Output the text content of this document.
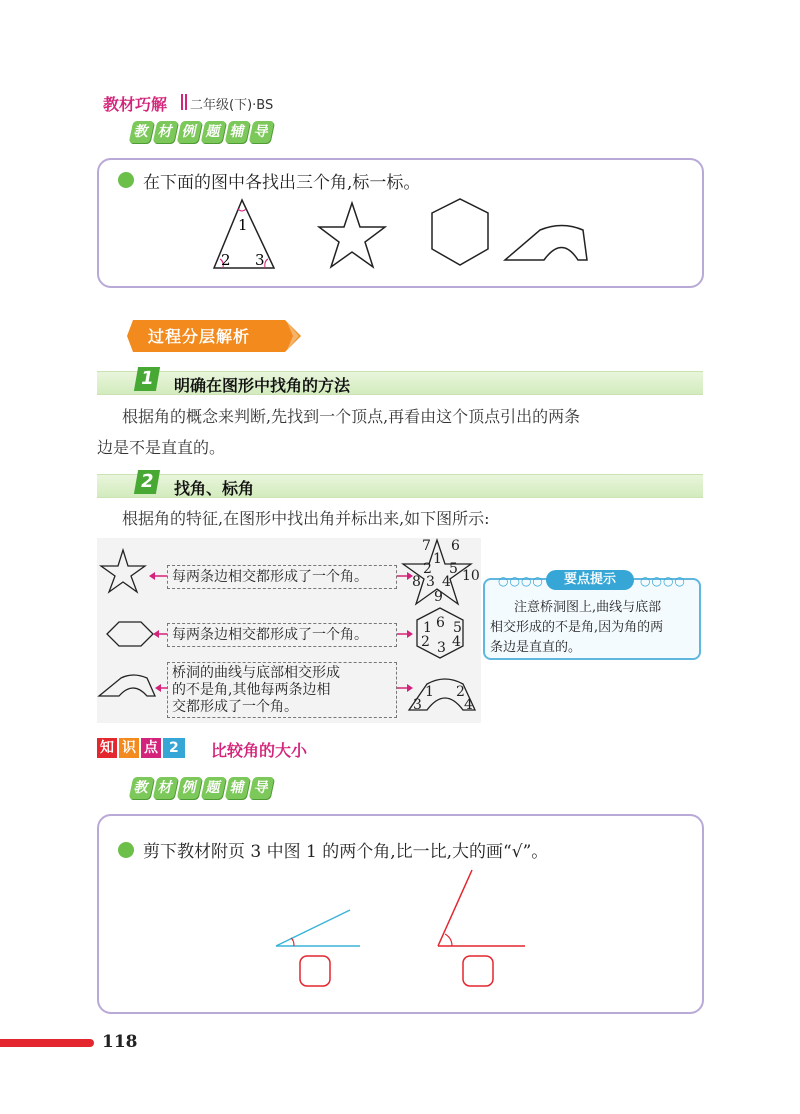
教材巧解 二年级(下)·BS
教 材 例 题 辅 导
在下面的图中各找出三个角,标一标。
1
2 3
过程分层解析
1	明确在图形中找角的方法
根据角的概念来判断,先找到一个顶点,再看由这个顶点引出的两条
边是不是直直的。
2	找角、标角
根据角的特征,在图形中找出角并标出来,如下图所示:
7 6
1
2 5
8 3 4 10
9
1 6 5
2 3 4
1 2
3	4
每两条边相交都形成了一个角。
每两条边相交都形成了一个角。
桥洞的曲线与底部相交形成
的不是角,其他每两条边相
交都形成了一个角。
○○○○	○○○○
要点提示
注意桥洞图上,曲线与底部
相交形成的不是角,因为角的两
条边是直直的。
知 识 点 2	比较角的大小
教 材 例 题 辅 导
剪下教材附页 3 中图 1 的两个角,比一比,大的画“√”。
118
